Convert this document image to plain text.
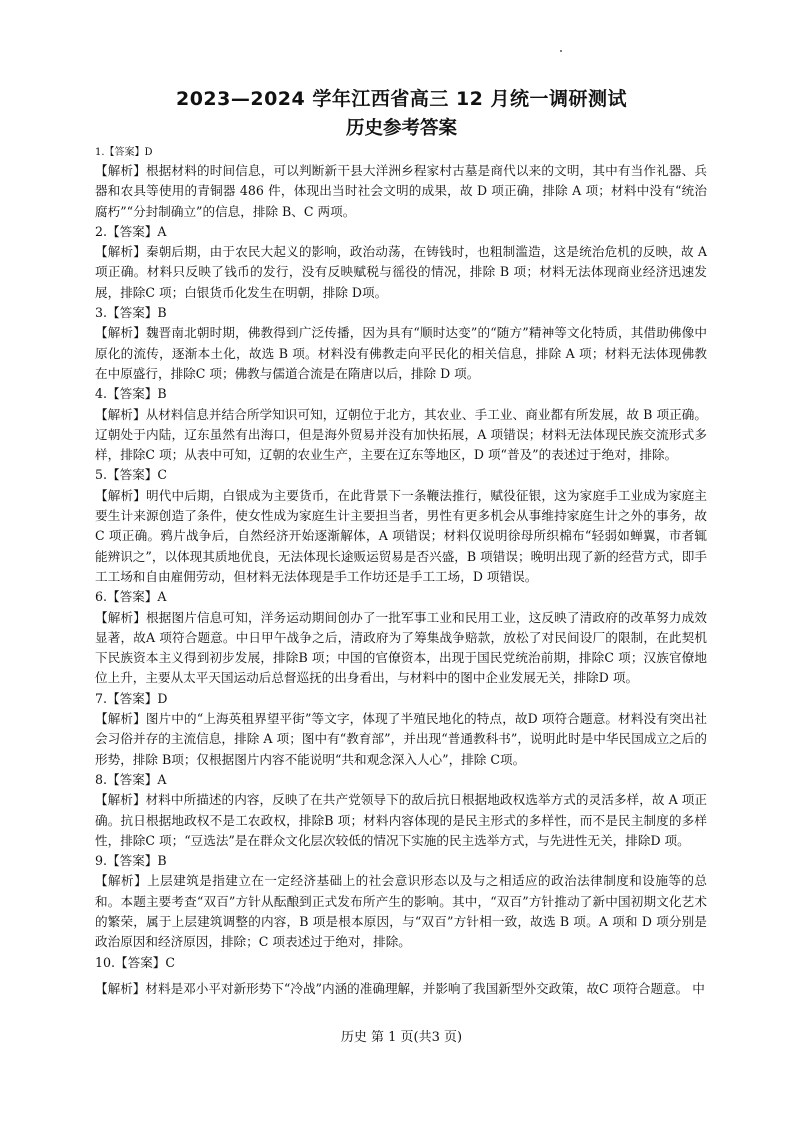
2023—2024 学年江西省高三 12 月统一调研测试
历史参考答案

1.【答案】D

【解析】根据材料的时间信息，可以判断新干县大洋洲乡程家村古墓是商代以来的文明，其中有当作礼器、兵器和农具等使用的青铜器 486 件，体现出当时社会文明的成果，故 D 项正确，排除 A 项；材料中没有“统治腐朽”“分封制确立”的信息，排除 B、C 两项。

2.【答案】A

【解析】秦朝后期，由于农民大起义的影响，政治动荡，在铸钱时，也粗制滥造，这是统治危机的反映，故 A 项正确。材料只反映了钱币的发行，没有反映赋税与徭役的情况，排除 B 项；材料无法体现商业经济迅速发展，排除C 项；白银货币化发生在明朝，排除 D项。

3.【答案】B

【解析】魏晋南北朝时期，佛教得到广泛传播，因为具有“顺时达变”的“随方”精神等文化特质，其借助佛像中原化的流传，逐渐本土化，故选 B 项。材料没有佛教走向平民化的相关信息，排除 A 项；材料无法体现佛教在中原盛行，排除C 项；佛教与儒道合流是在隋唐以后，排除 D 项。

4.【答案】B

【解析】从材料信息并结合所学知识可知，辽朝位于北方，其农业、手工业、商业都有所发展，故 B 项正确。辽朝处于内陆，辽东虽然有出海口，但是海外贸易并没有加快拓展，A 项错误；材料无法体现民族交流形式多样，排除C 项；从表中可知，辽朝的农业生产，主要在辽东等地区，D 项“普及”的表述过于绝对，排除。

5.【答案】C

【解析】明代中后期，白银成为主要货币，在此背景下一条鞭法推行，赋役征银，这为家庭手工业成为家庭主要生计来源创造了条件，使女性成为家庭生计主要担当者，男性有更多机会从事维持家庭生计之外的事务，故C 项正确。鸦片战争后，自然经济开始逐渐解体，A 项错误；材料仅说明徐母所织棉布“轻弱如蝉翼，市者辄能辨识之”，以体现其质地优良，无法体现长途贩运贸易是否兴盛，B 项错误；晚明出现了新的经营方式，即手工工场和自由雇佣劳动，但材料无法体现是手工作坊还是手工工场，D 项错误。

6.【答案】A

【解析】根据图片信息可知，洋务运动期间创办了一批军事工业和民用工业，这反映了清政府的改革努力成效显著，故A 项符合题意。中日甲午战争之后，清政府为了筹集战争赔款，放松了对民间设厂的限制，在此契机下民族资本主义得到初步发展，排除B 项；中国的官僚资本，出现于国民党统治前期，排除C 项；汉族官僚地位上升，主要从太平天国运动后总督巡抚的出身看出，与材料中的图中企业发展无关，排除D 项。

7.【答案】D

【解析】图片中的“上海英租界望平街”等文字，体现了半殖民地化的特点，故D 项符合题意。材料没有突出社会习俗并存的主流信息，排除 A 项；图中有“教育部”，并出现“普通教科书”，说明此时是中华民国成立之后的形势，排除 B项；仅根据图片内容不能说明“共和观念深入人心”，排除 C项。

8.【答案】A

【解析】材料中所描述的内容，反映了在共产党领导下的敌后抗日根据地政权选举方式的灵活多样，故 A 项正确。抗日根据地政权不是工农政权，排除B 项；材料内容体现的是民主形式的多样性，而不是民主制度的多样性，排除C 项；“豆选法”是在群众文化层次较低的情况下实施的民主选举方式，与先进性无关，排除D 项。

9.【答案】B

【解析】上层建筑是指建立在一定经济基础上的社会意识形态以及与之相适应的政治法律制度和设施等的总和。本题主要考查“双百”方针从酝酿到正式发布所产生的影响。其中，“双百”方针推动了新中国初期文化艺术的繁荣，属于上层建筑调整的内容，B 项是根本原因，与“双百”方针相一致，故选 B 项。A 项和 D 项分别是政治原因和经济原因，排除；C 项表述过于绝对，排除。

10.【答案】C

【解析】材料是邓小平对新形势下“冷战”内涵的准确理解，并影响了我国新型外交政策，故C 项符合题意。 中

历史 第 1 页(共3 页)
